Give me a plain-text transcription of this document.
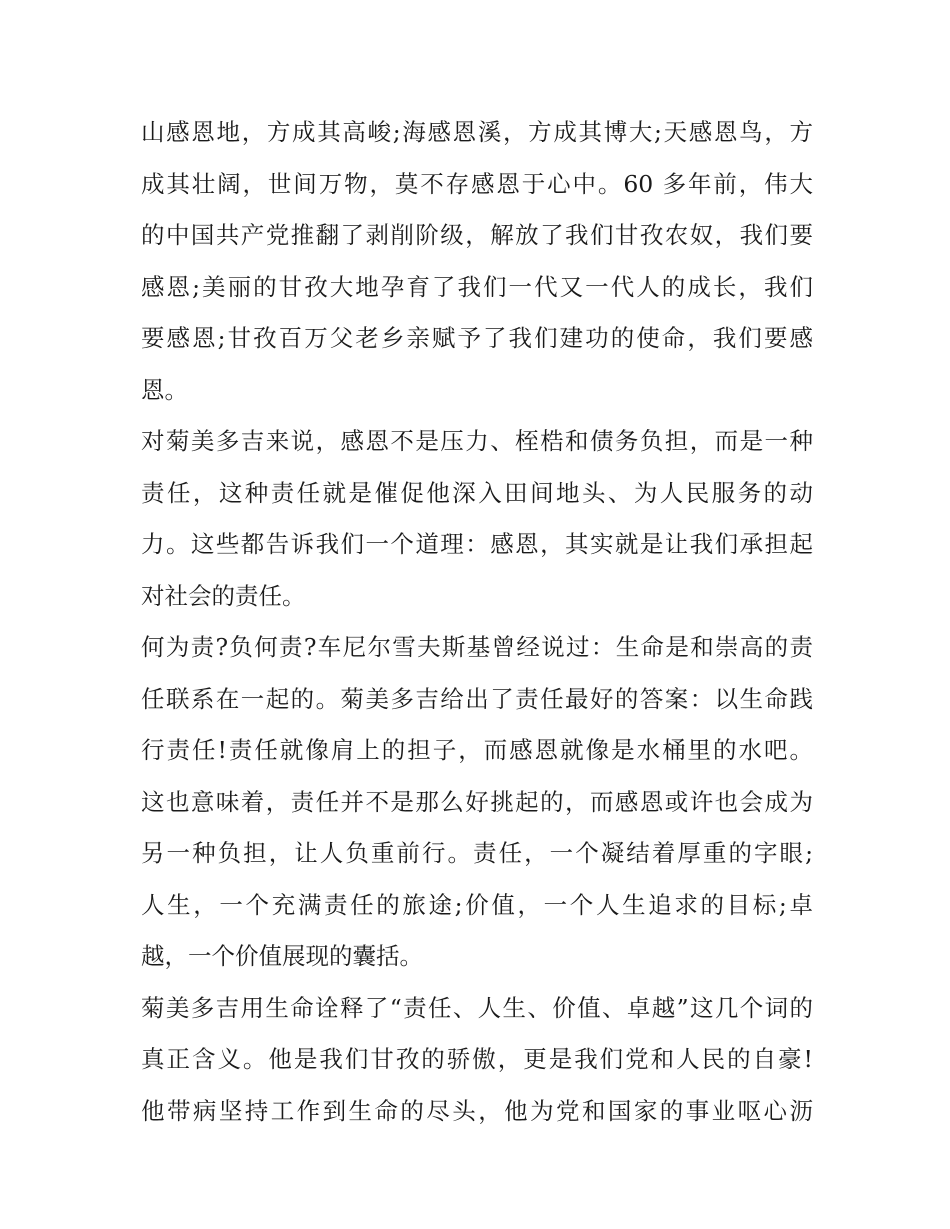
山感恩地，方成其高峻;海感恩溪，方成其博大;天感恩鸟，方
成其壮阔，世间万物，莫不存感恩于心中。60 多年前，伟大
的中国共产党推翻了剥削阶级，解放了我们甘孜农奴，我们要
感恩;美丽的甘孜大地孕育了我们一代又一代人的成长，我们
要感恩;甘孜百万父老乡亲赋予了我们建功的使命，我们要感
恩。
对菊美多吉来说，感恩不是压力、桎梏和债务负担，而是一种
责任，这种责任就是催促他深入田间地头、为人民服务的动
力。这些都告诉我们一个道理：感恩，其实就是让我们承担起
对社会的责任。
何为责?负何责?车尼尔雪夫斯基曾经说过：生命是和崇高的责
任联系在一起的。菊美多吉给出了责任最好的答案：以生命践
行责任!责任就像肩上的担子，而感恩就像是水桶里的水吧。
这也意味着，责任并不是那么好挑起的，而感恩或许也会成为
另一种负担，让人负重前行。责任，一个凝结着厚重的字眼;
人生，一个充满责任的旅途;价值，一个人生追求的目标;卓
越，一个价值展现的囊括。
菊美多吉用生命诠释了“责任、人生、价值、卓越”这几个词的
真正含义。他是我们甘孜的骄傲，更是我们党和人民的自豪!
他带病坚持工作到生命的尽头，他为党和国家的事业呕心沥
